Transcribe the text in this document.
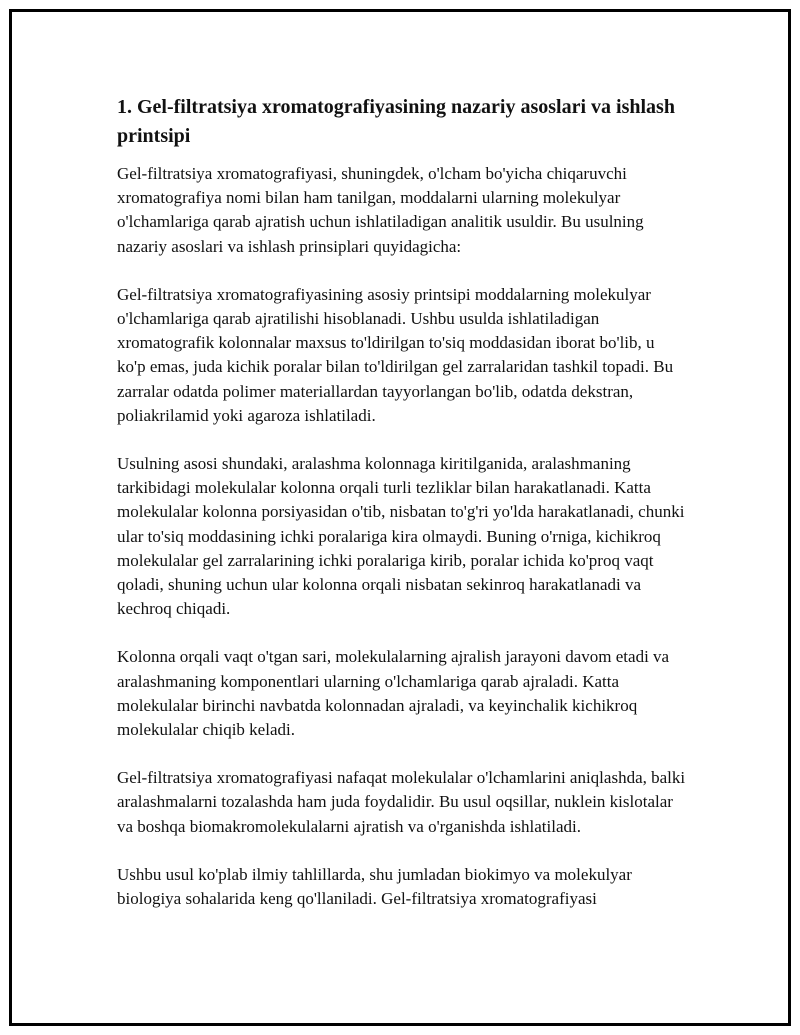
1. Gel-filtratsiya xromatografiyasining nazariy asoslari va ishlash printsipi

Gel-filtratsiya xromatografiyasi, shuningdek, o'lcham bo'yicha chiqaruvchi xromatografiya nomi bilan ham tanilgan, moddalarni ularning molekulyar o'lchamlariga qarab ajratish uchun ishlatiladigan analitik usuldir. Bu usulning nazariy asoslari va ishlash prinsiplari quyidagicha:

Gel-filtratsiya xromatografiyasining asosiy printsipi moddalarning molekulyar o'lchamlariga qarab ajratilishi hisoblanadi. Ushbu usulda ishlatiladigan xromatografik kolonnalar maxsus to'ldirilgan to'siq moddasidan iborat bo'lib, u ko'p emas, juda kichik poralar bilan to'ldirilgan gel zarralaridan tashkil topadi. Bu zarralar odatda polimer materiallardan tayyorlangan bo'lib, odatda dekstran, poliakrilamid yoki agaroza ishlatiladi.

Usulning asosi shundaki, aralashma kolonnaga kiritilganida, aralashmaning tarkibidagi molekulalar kolonna orqali turli tezliklar bilan harakatlanadi. Katta molekulalar kolonna porsiyasidan o'tib, nisbatan to'g'ri yo'lda harakatlanadi, chunki ular to'siq moddasining ichki poralariga kira olmaydi. Buning o'rniga, kichikroq molekulalar gel zarralarining ichki poralariga kirib, poralar ichida ko'proq vaqt qoladi, shuning uchun ular kolonna orqali nisbatan sekinroq harakatlanadi va kechroq chiqadi.

Kolonna orqali vaqt o'tgan sari, molekulalarning ajralish jarayoni davom etadi va aralashmaning komponentlari ularning o'lchamlariga qarab ajraladi. Katta molekulalar birinchi navbatda kolonnadan ajraladi, va keyinchalik kichikroq molekulalar chiqib keladi.

Gel-filtratsiya xromatografiyasi nafaqat molekulalar o'lchamlarini aniqlashda, balki aralashmalarni tozalashda ham juda foydalidir. Bu usul oqsillar, nuklein kislotalar va boshqa biomakromolekulalarni ajratish va o'rganishda ishlatiladi.

Ushbu usul ko'plab ilmiy tahlillarda, shu jumladan biokimyo va molekulyar biologiya sohalarida keng qo'llaniladi. Gel-filtratsiya xromatografiyasi
